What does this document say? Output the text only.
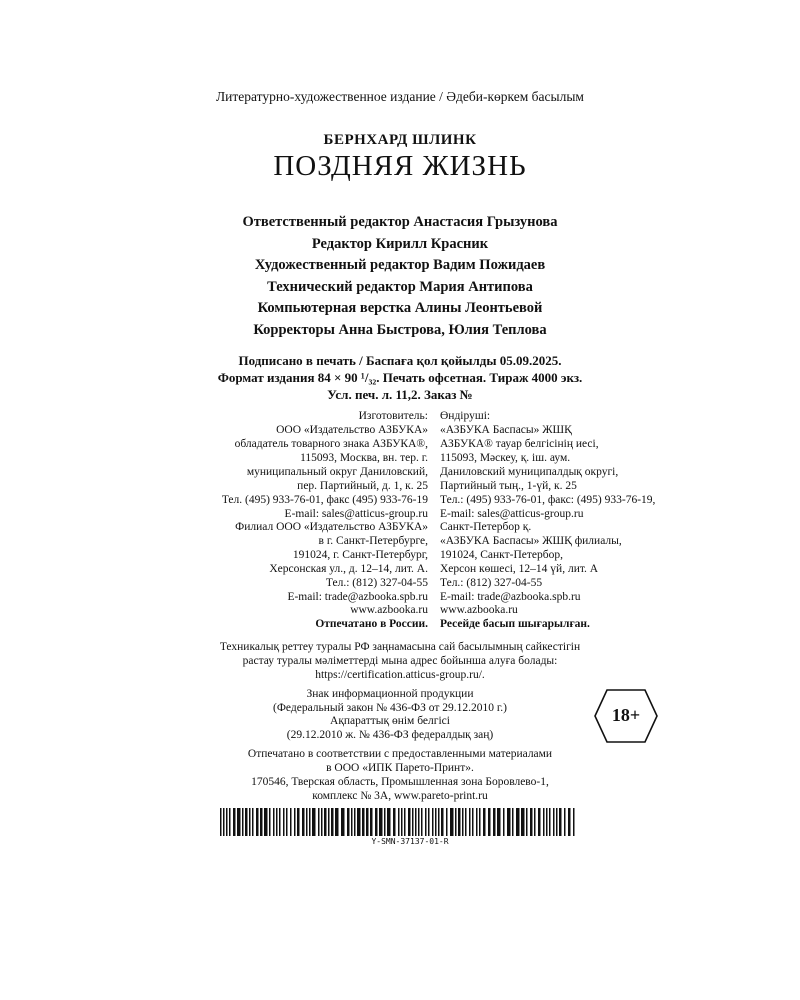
Литературно-художественное издание / Әдеби-көркем басылым
БЕРНХАРД ШЛИНК
ПОЗДНЯЯ ЖИЗНЬ
Ответственный редактор Анастасия Грызунова
Редактор Кирилл Красник
Художественный редактор Вадим Пожидаев
Технический редактор Мария Антипова
Компьютерная верстка Алины Леонтьевой
Корректоры Анна Быстрова, Юлия Теплова
Подписано в печать / Баспаға қол қойылды 05.09.2025.
Формат издания 84 × 90 ¹/₃₂. Печать офсетная. Тираж 4000 экз.
Усл. печ. л. 11,2. Заказ №
Изготовитель:
ООО «Издательство АЗБУКА»
обладатель товарного знака АЗБУКА®,
115093, Москва, вн. тер. г.
муниципальный округ Даниловский,
пер. Партийный, д. 1, к. 25
Тел. (495) 933-76-01, факс (495) 933-76-19
E-mail: sales@atticus-group.ru
Өндіруші:
«АЗБУКА Баспасы» ЖШҚ
АЗБУКА® тауар белгісінің иесі,
115093, Мәскеу, қ. іш. аум.
Даниловский муниципалдық округі,
Партийный тың., 1-үй, к. 25
Тел.: (495) 933-76-01, факс: (495) 933-76-19,
E-mail: sales@atticus-group.ru
Филиал ООО «Издательство АЗБУКА»
в г. Санкт-Петербурге,
191024, г. Санкт-Петербург,
Херсонская ул., д. 12–14, лит. А.
Тел.: (812) 327-04-55
E-mail: trade@azbooka.spb.ru
Санкт-Петербор қ.
«АЗБУКА Баспасы» ЖШҚ филиалы,
191024, Санкт-Петербор,
Херсон көшесі, 12–14 үй, лит. А
Тел.: (812) 327-04-55
E-mail: trade@azbooka.spb.ru
www.azbooka.ru
Отпечатано в России.
www.azbooka.ru
Ресейде басып шығарылған.
Техникалық реттеу туралы РФ заңнамасына сай басылымның сайкестігін
растау туралы мәліметтерді мына адрес бойынша алуға болады:
https://certification.atticus-group.ru/.
Знак информационной продукции
(Федеральный закон № 436-ФЗ от 29.12.2010 г.)
Ақпараттық өнім белгісі
(29.12.2010 ж. № 436-ФЗ федералдық заң)
18+
Отпечатано в соответствии с предоставленными материалами
в ООО «ИПК Парето-Принт».
170546, Тверская область, Промышленная зона Боровлево-1,
комплекс № 3А, www.pareto-print.ru
Y-SMN-37137-01-R
